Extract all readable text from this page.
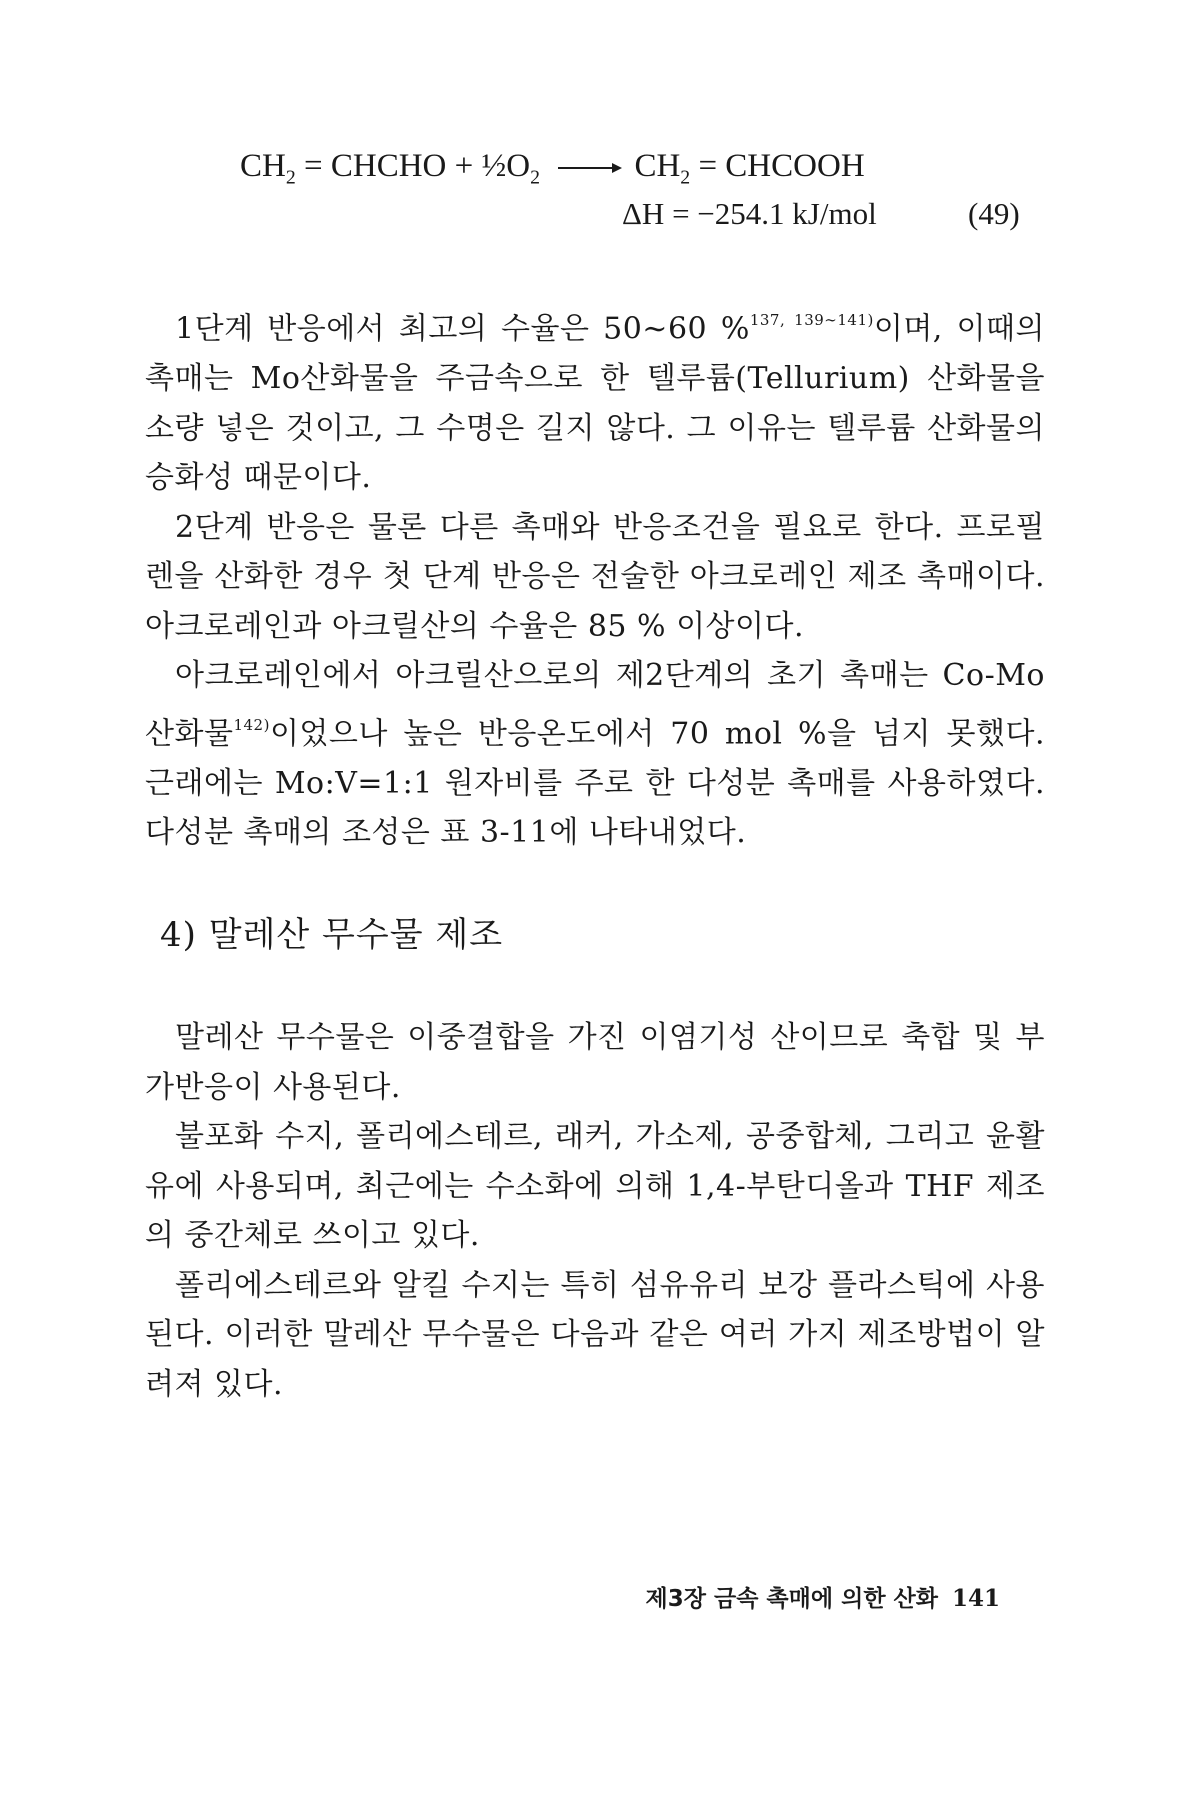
$CH_2$ = CHCHO + $\frac{1}{2}O_2 \to CH_2$ = CHCOOH
ΔH = −254.1 kJ/mol	(49)

1단계 반응에서 최고의 수율은 50∼60 %$^{137, 139\sim 141)}$이며, 이때의 촉매는 Mo산화물을 주금속으로 한 텔루륨(Tellurium) 산화물을 소량 넣은 것이고, 그 수명은 길지 않다. 그 이유는 텔루륨 산화물의 승화성 때문이다.

2단계 반응은 물론 다른 촉매와 반응조건을 필요로 한다. 프로필렌을 산화한 경우 첫 단계 반응은 전술한 아크로레인 제조 촉매이다. 아크로레인과 아크릴산의 수율은 85 % 이상이다.

아크로레인에서 아크릴산으로의 제2단계의 초기 촉매는 Co-Mo 산화물$^{142)}$이었으나 높은 반응온도에서 70 mol %을 넘지 못했다. 근래에는 Mo:V=1:1 원자비를 주로 한 다성분 촉매를 사용하였다. 다성분 촉매의 조성은 표 3-11에 나타내었다.

4) 말레산 무수물 제조

말레산 무수물은 이중결합을 가진 이염기성 산이므로 축합 및 부가반응이 사용된다.

불포화 수지, 폴리에스테르, 래커, 가소제, 공중합체, 그리고 윤활유에 사용되며, 최근에는 수소화에 의해 1,4-부탄디올과 THF 제조의 중간체로 쓰이고 있다.

폴리에스테르와 알킬 수지는 특히 섬유유리 보강 플라스틱에 사용된다. 이러한 말레산 무수물은 다음과 같은 여러 가지 제조방법이 알려져 있다.

제3장 금속 촉매에 의한 산화 141
